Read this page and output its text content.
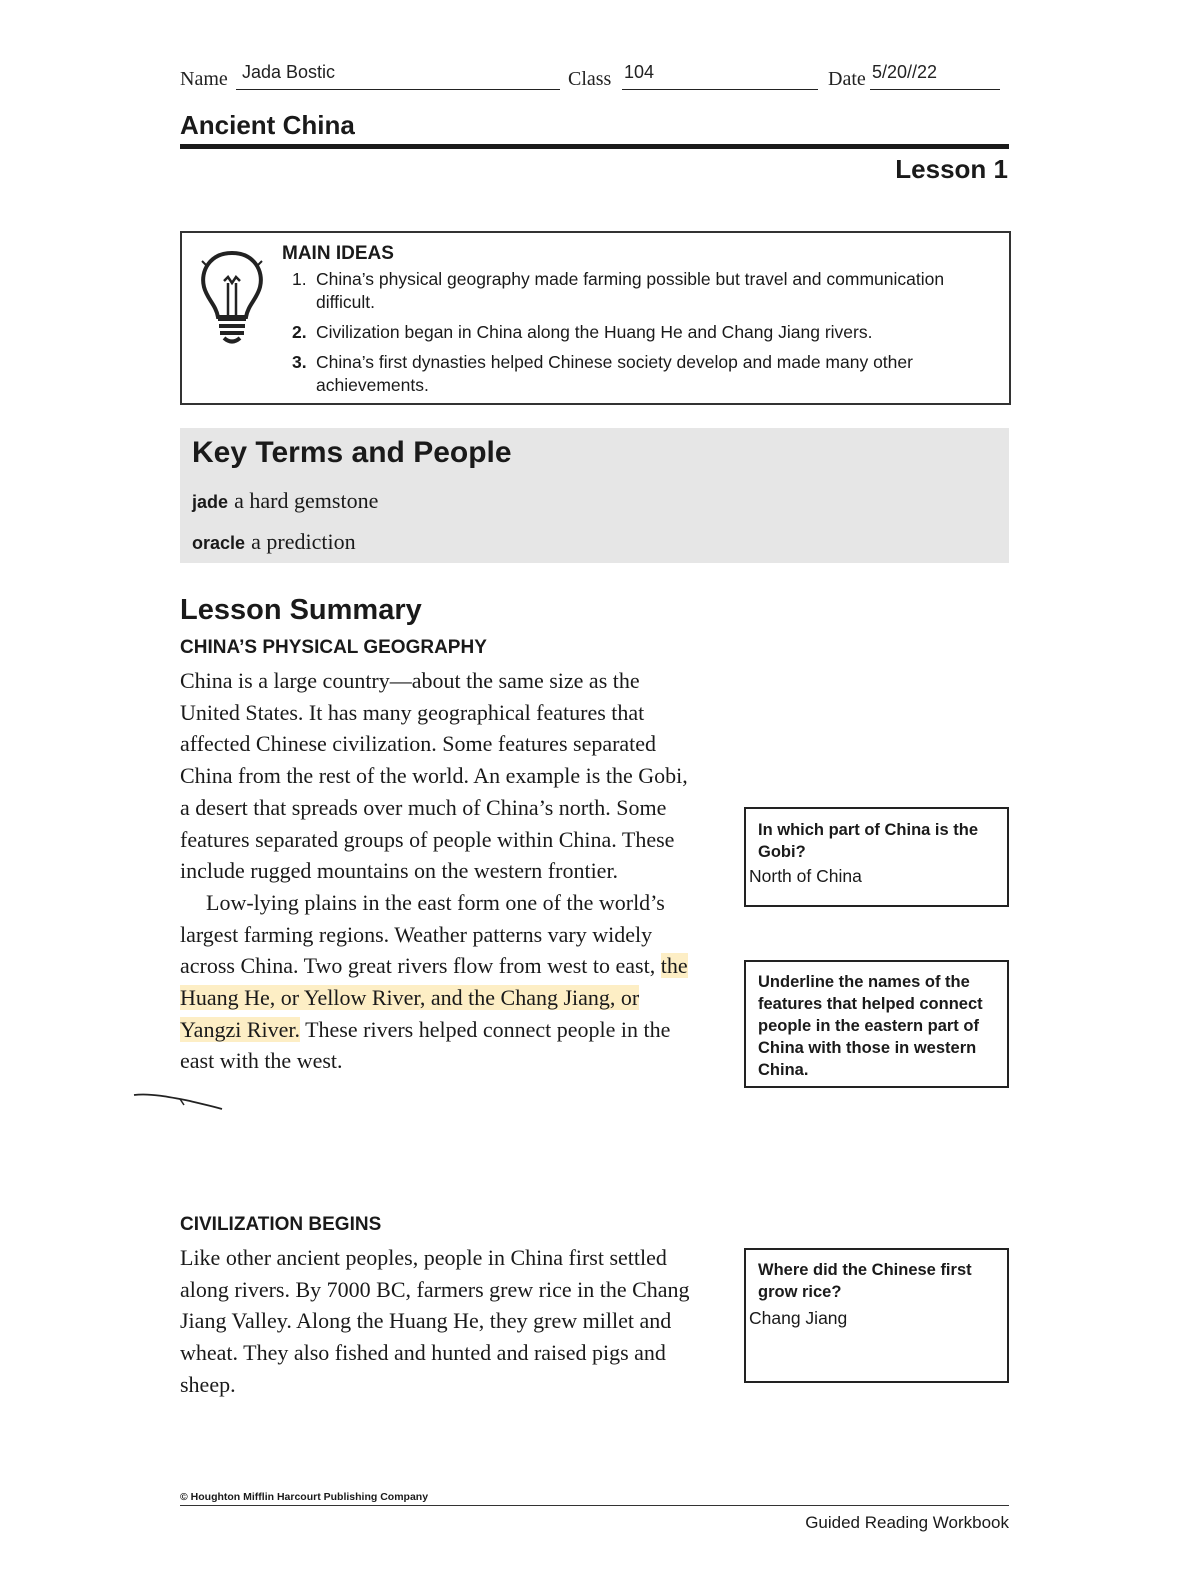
Name Jada Bostic	Class 104	Date 5/20//22
Ancient China
Lesson 1
MAIN IDEAS
1. China’s physical geography made farming possible but travel and communication difficult.
2. Civilization began in China along the Huang He and Chang Jiang rivers.
3. China’s first dynasties helped Chinese society develop and made many other achievements.
Key Terms and People
jade a hard gemstone
oracle a prediction
Lesson Summary
CHINA’S PHYSICAL GEOGRAPHY

China is a large country—about the same size as the United States. It has many geographical features that affected Chinese civilization. Some features separated China from the rest of the world. An example is the Gobi, a desert that spreads over much of China’s north. Some features separated groups of people within China. These include rugged mountains on the western frontier.

Low-lying plains in the east form one of the world’s largest farming regions. Weather patterns vary widely across China. Two great rivers flow from west to east, the Huang He, or Yellow River, and the Chang Jiang, or Yangzi River. These rivers helped connect people in the east with the west.

CIVILIZATION BEGINS

Like other ancient peoples, people in China first settled along rivers. By 7000 BC, farmers grew rice in the Chang Jiang Valley. Along the Huang He, they grew millet and wheat. They also fished and hunted and raised pigs and sheep.

In which part of China is the Gobi?
North of China
Underline the names of the features that helped connect people in the eastern part of China with those in western China.
Where did the Chinese first grow rice?
Chang Jiang
© Houghton Mifflin Harcourt Publishing Company
Guided Reading Workbook
